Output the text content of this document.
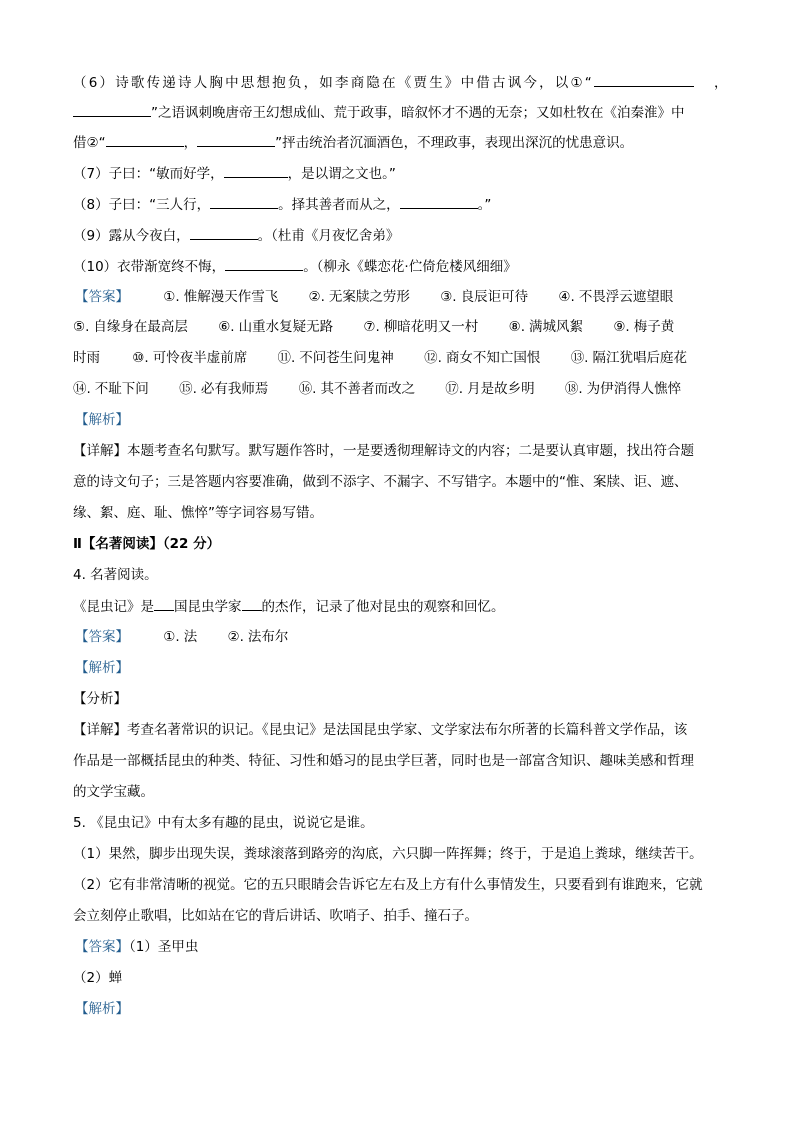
（6）诗歌传递诗人胸中思想抱负，如李商隐在《贾生》中借古讽今，以①“	，
”之语讽刺晚唐帝王幻想成仙、荒于政事，暗叙怀才不遇的无奈；又如杜牧在《泊秦淮》中
借②“	，	”抨击统治者沉湎酒色，不理政事，表现出深沉的忧患意识。
（7）子曰：“敏而好学，	，是以谓之文也。”
（8）子曰：“三人行，	。择其善者而从之，	。”
（9）露从今夜白，	。（杜甫《月夜忆舍弟》
（10）衣带渐宽终不悔，	。（柳永《蝶恋花·伫倚危楼风细细》
【答案】	①. 惟解漫天作雪飞 ②. 无案牍之劳形 ③. 良辰讵可待 ④. 不畏浮云遮望眼
⑤. 自缘身在最高层 ⑥. 山重水复疑无路 ⑦. 柳暗花明又一村 ⑧. 满城风絮 ⑨. 梅子黄
时雨 ⑩. 可怜夜半虚前席 ⑪. 不问苍生问鬼神 ⑫. 商女不知亡国恨 ⑬. 隔江犹唱后庭花
⑭. 不耻下问 ⑮. 必有我师焉 ⑯. 其不善者而改之 ⑰. 月是故乡明 ⑱. 为伊消得人憔悴
【解析】
【详解】本题考查名句默写。默写题作答时，一是要透彻理解诗文的内容；二是要认真审题，找出符合题
意的诗文句子；三是答题内容要准确，做到不添字、不漏字、不写错字。本题中的“惟、案牍、讵、遮、
缘、絮、庭、耻、憔悴”等字词容易写错。
Ⅱ【名著阅读】（22 分）
4. 名著阅读。
《昆虫记》是 国昆虫学家 的杰作，记录了他对昆虫的观察和回忆。
【答案】	①. 法 ②. 法布尔
【解析】
【分析】
【详解】考查名著常识的识记。《昆虫记》是法国昆虫学家、文学家法布尔所著的长篇科普文学作品，该
作品是一部概括昆虫的种类、特征、习性和婚习的昆虫学巨著，同时也是一部富含知识、趣味美感和哲理
的文学宝藏。
5. 《昆虫记》中有太多有趣的昆虫，说说它是谁。
（1）果然，脚步出现失误，粪球滚落到路旁的沟底，六只脚一阵挥舞；终于，于是追上粪球，继续苦干。
（2）它有非常清晰的视觉。它的五只眼睛会告诉它左右及上方有什么事情发生，只要看到有谁跑来，它就
会立刻停止歌唱，比如站在它的背后讲话、吹哨子、拍手、撞石子。
【答案】（1）圣甲虫
（2）蝉
【解析】
